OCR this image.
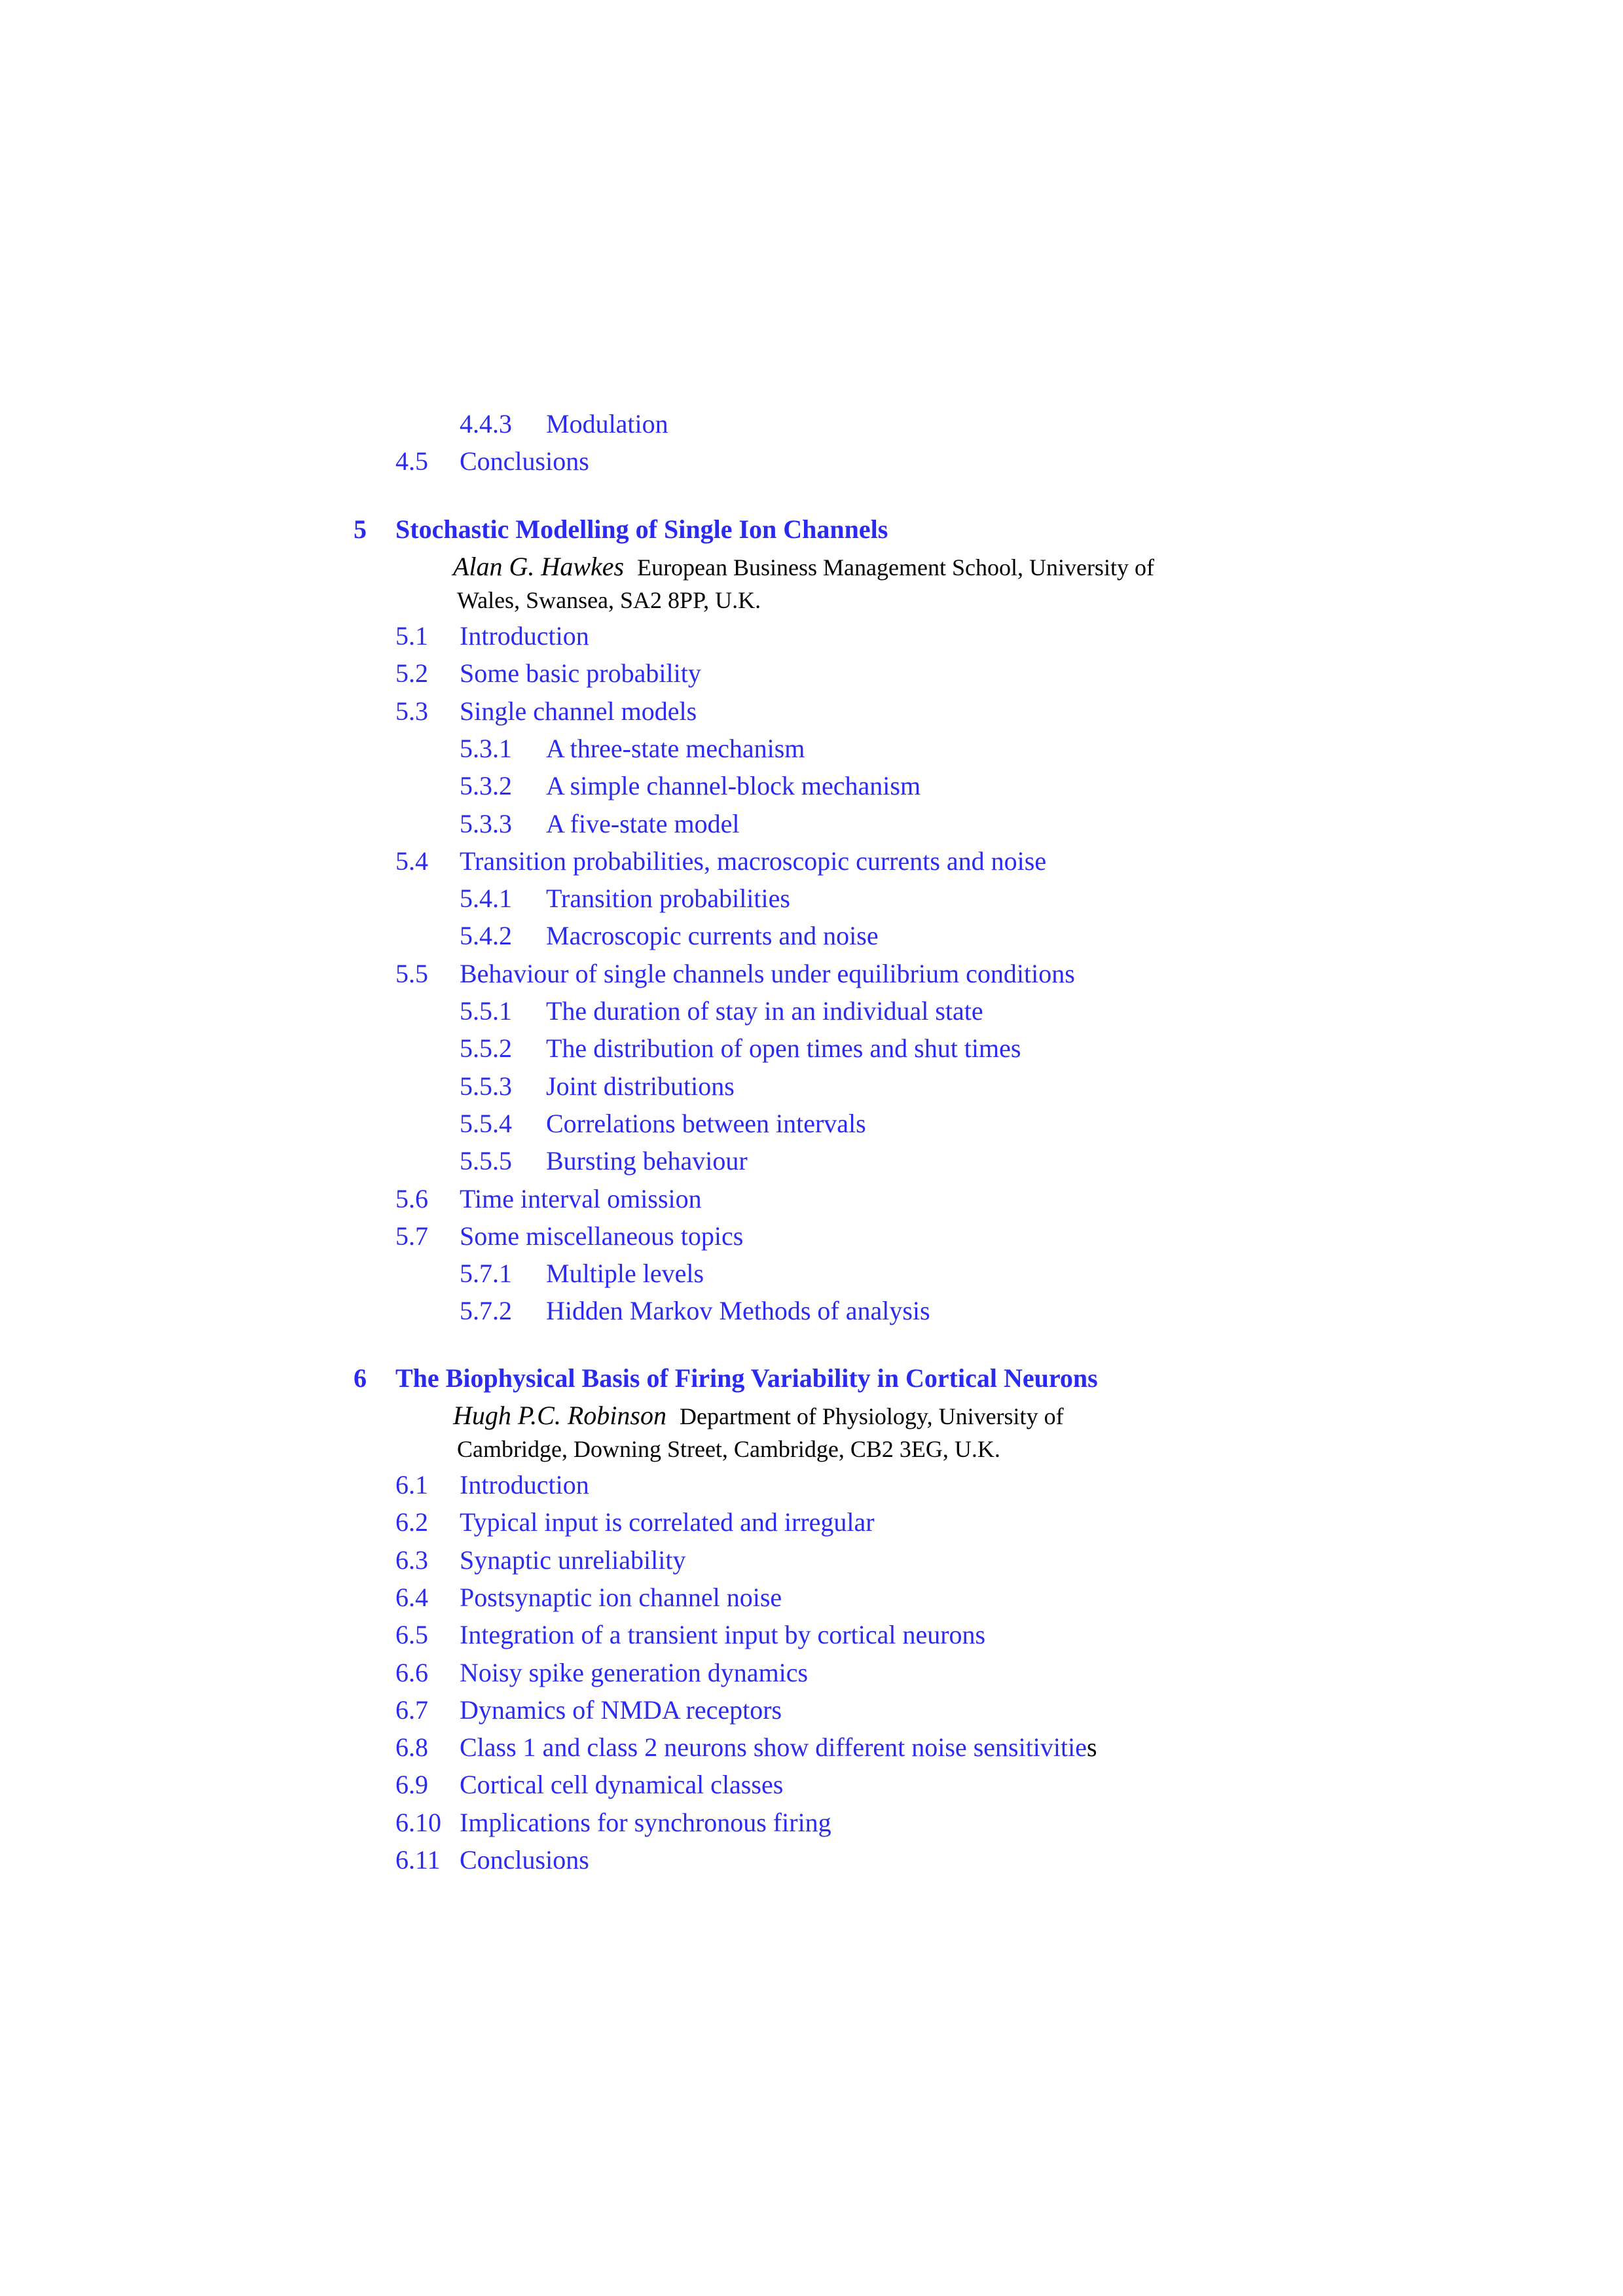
4.4.3 Modulation
4.5 Conclusions
5 Stochastic Modelling of Single Ion Channels
Alan G. Hawkes European Business Management School, University of
Wales, Swansea, SA2 8PP, U.K.
5.1 Introduction
5.2 Some basic probability
5.3 Single channel models
5.3.1 A three-state mechanism
5.3.2 A simple channel-block mechanism
5.3.3 A five-state model
5.4 Transition probabilities, macroscopic currents and noise
5.4.1 Transition probabilities
5.4.2 Macroscopic currents and noise
5.5 Behaviour of single channels under equilibrium conditions
5.5.1 The duration of stay in an individual state
5.5.2 The distribution of open times and shut times
5.5.3 Joint distributions
5.5.4 Correlations between intervals
5.5.5 Bursting behaviour
5.6 Time interval omission
5.7 Some miscellaneous topics
5.7.1 Multiple levels
5.7.2 Hidden Markov Methods of analysis
6 The Biophysical Basis of Firing Variability in Cortical Neurons
Hugh P.C. Robinson Department of Physiology, University of
Cambridge, Downing Street, Cambridge, CB2 3EG, U.K.
6.1 Introduction
6.2 Typical input is correlated and irregular
6.3 Synaptic unreliability
6.4 Postsynaptic ion channel noise
6.5 Integration of a transient input by cortical neurons
6.6 Noisy spike generation dynamics
6.7 Dynamics of NMDA receptors
6.8 Class 1 and class 2 neurons show different noise sensitivities
6.9 Cortical cell dynamical classes
6.10 Implications for synchronous firing
6.11 Conclusions
